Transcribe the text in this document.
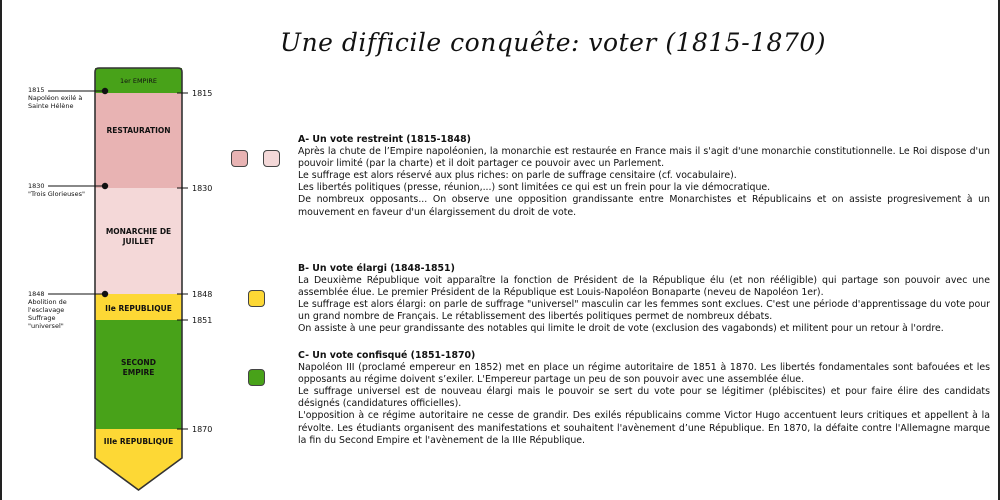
Une difficile conquête: voter (1815-1870)
1er EMPIRE
RESTAURATION
MONARCHIE DE JUILLET
IIe REPUBLIQUE
SECOND EMPIRE
IIIe REPUBLIQUE
1815
1830
1848
1851
1870
1815
Napoléon exilé à
Sainte Hélène
1830
"Trois Glorieuses"
1848
Abolition de
l'esclavage
Suffrage
"universel"
A- Un vote restreint (1815-1848)

Après la chute de l’Empire napoléonien, la monarchie est restaurée en France mais il s'agit d'une monarchie constitutionnelle. Le Roi dispose d'un pouvoir limité (par la charte) et il doit partager ce pouvoir avec un Parlement.

Le suffrage est alors réservé aux plus riches: on parle de suffrage censitaire (cf. vocabulaire).

Les libertés politiques (presse, réunion,...) sont limitées ce qui est un frein pour la vie démocratique.

De nombreux opposants... On observe une opposition grandissante entre Monarchistes et Républicains et on assiste progresivement à un mouvement en faveur d'un élargissement du droit de vote.

B- Un vote élargi (1848-1851)

La Deuxième République voit apparaître la fonction de Président de la République élu (et non rééligible) qui partage son pouvoir avec une assemblée élue. Le premier Président de la République est Louis-Napoléon Bonaparte (neveu de Napoléon 1er).

Le suffrage est alors élargi: on parle de suffrage "universel" masculin car les femmes sont exclues. C'est une période d'apprentissage du vote pour un grand nombre de Français. Le rétablissement des libertés politiques permet de nombreux débats.

On assiste à une peur grandissante des notables qui limite le droit de vote (exclusion des vagabonds) et militent pour un retour à l'ordre.

C- Un vote confisqué (1851-1870)

Napoléon III (proclamé empereur en 1852) met en place un régime autoritaire de 1851 à 1870. Les libertés fondamentales sont bafouées et les opposants au régime doivent s’exiler. L'Empereur partage un peu de son pouvoir avec une assemblée élue.

Le suffrage universel est de nouveau élargi mais le pouvoir se sert du vote pour se légitimer (plébiscites) et pour faire élire des candidats désignés (candidatures officielles).

L'opposition à ce régime autoritaire ne cesse de grandir. Des exilés républicains comme Victor Hugo accentuent leurs critiques et appellent à la révolte. Les étudiants organisent des manifestations et souhaitent l'avènement d’une République. En 1870, la défaite contre l'Allemagne marque la fin du Second Empire et l'avènement de la IIIe République.
